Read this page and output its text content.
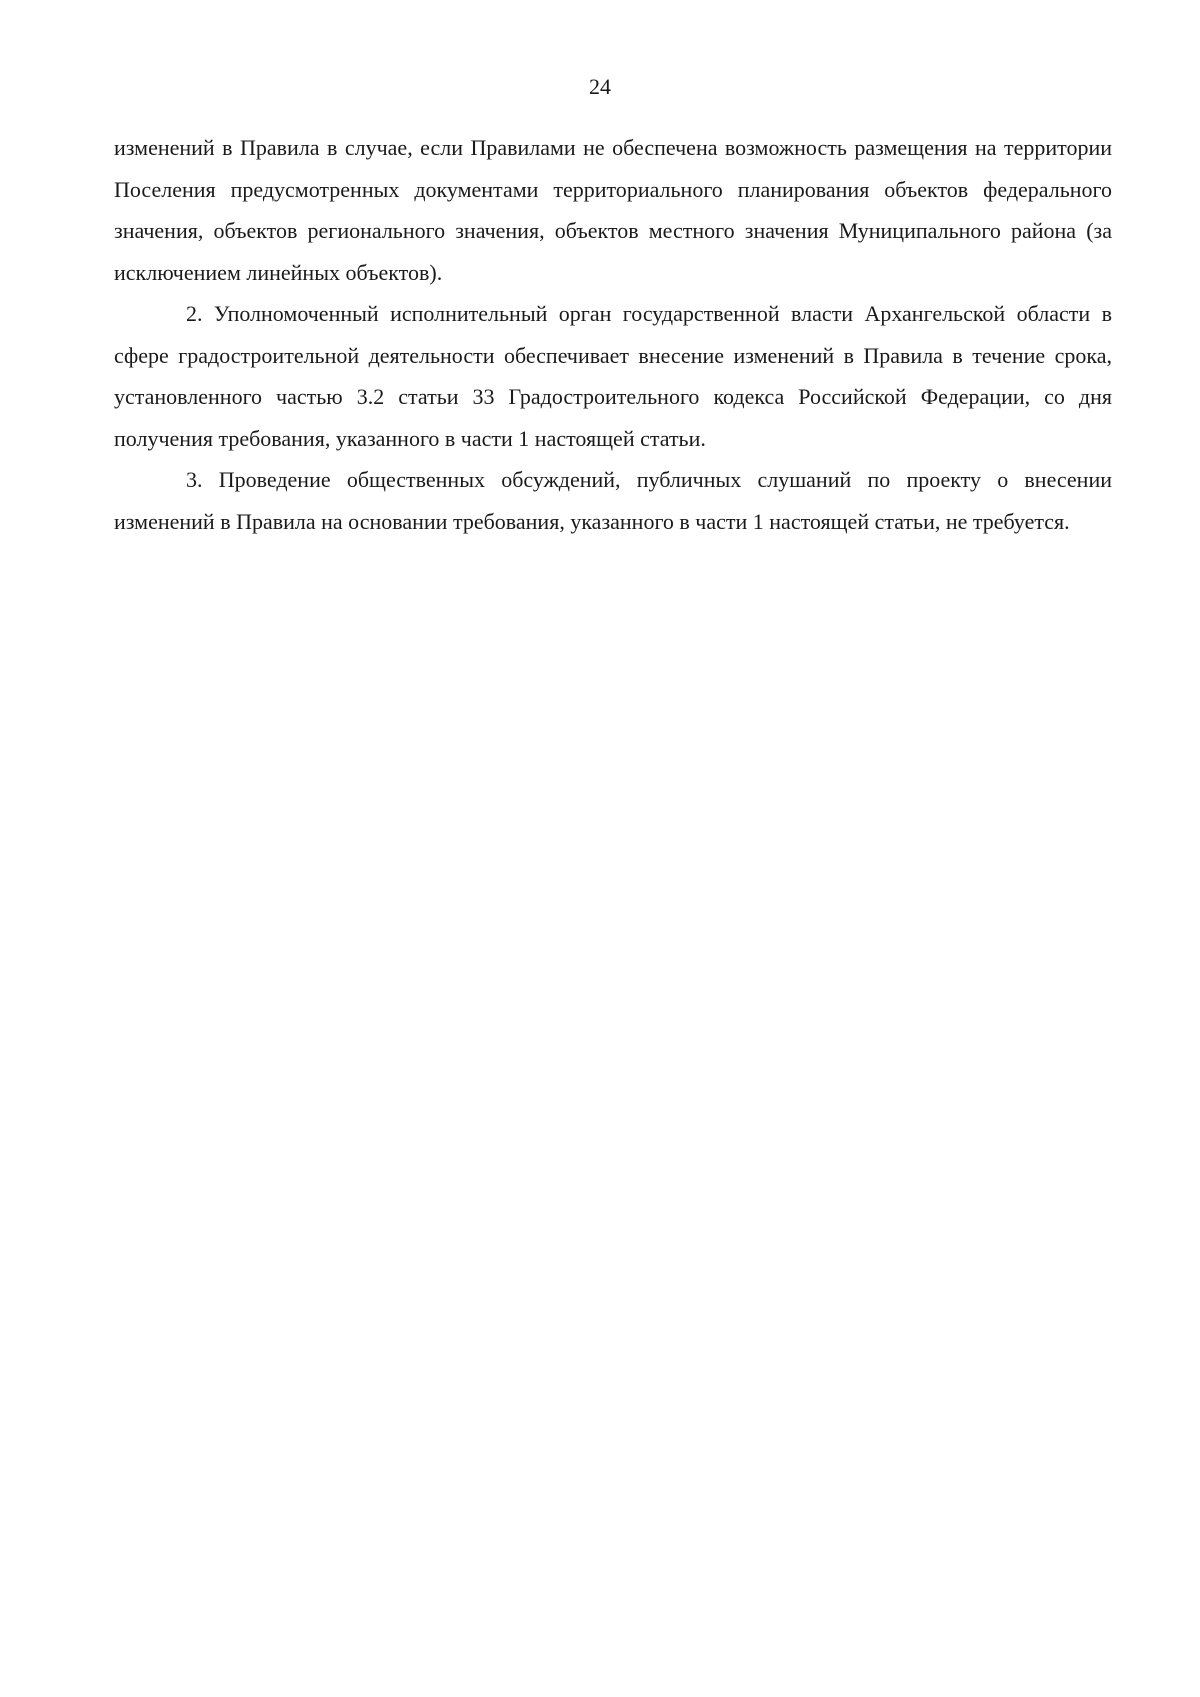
24

изменений в Правила в случае, если Правилами не обеспечена возможность размещения на территории Поселения предусмотренных документами территориального планирования объектов федерального значения, объектов регионального значения, объектов местного значения Муниципального района (за исключением линейных объектов).

2. Уполномоченный исполнительный орган государственной власти Архангельской области в сфере градостроительной деятельности обеспечивает внесение изменений в Правила в течение срока, установленного частью 3.2 статьи 33 Градостроительного кодекса Российской Федерации, со дня получения требования, указанного в части 1 настоящей статьи.

3. Проведение общественных обсуждений, публичных слушаний по проекту о внесении изменений в Правила на основании требования, указанного в части 1 настоящей статьи, не требуется.
